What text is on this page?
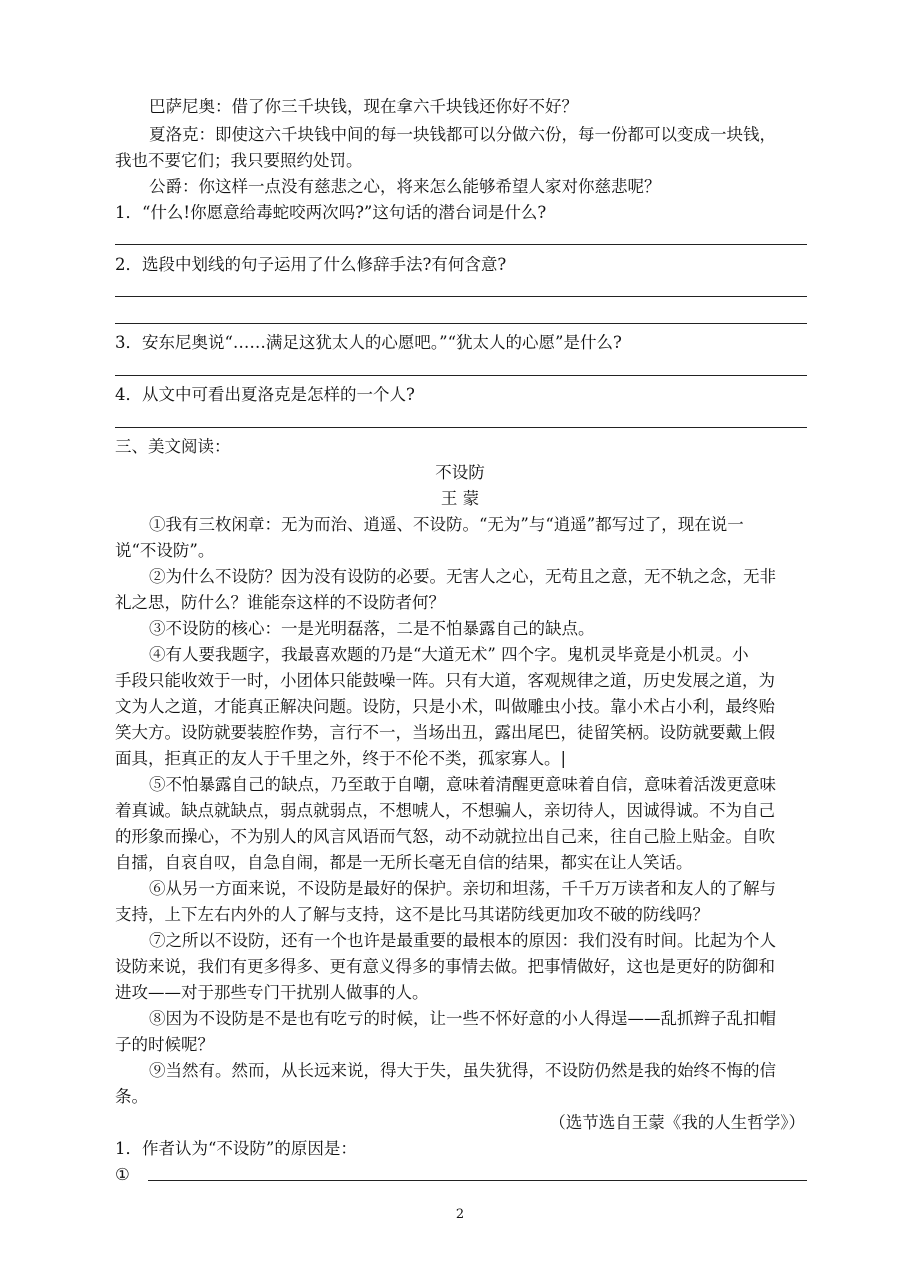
巴萨尼奥：借了你三千块钱，现在拿六千块钱还你好不好？
夏洛克：即使这六千块钱中间的每一块钱都可以分做六份，每一份都可以变成一块钱，
我也不要它们；我只要照约处罚。
公爵：你这样一点没有慈悲之心，将来怎么能够希望人家对你慈悲呢？
1．“什么!你愿意给毒蛇咬两次吗?”这句话的潜台词是什么?
2．选段中划线的句子运用了什么修辞手法?有何含意?
3．安东尼奥说“……满足这犹太人的心愿吧。”“犹太人的心愿”是什么?
4．从文中可看出夏洛克是怎样的一个人?
三、美文阅读：
不设防
王 蒙
①我有三枚闲章：无为而治、逍遥、不设防。“无为”与“逍遥”都写过了，现在说一
说“不设防”。
②为什么不设防？因为没有设防的必要。无害人之心，无苟且之意，无不轨之念，无非
礼之思，防什么？谁能奈这样的不设防者何？
③不设防的核心：一是光明磊落，二是不怕暴露自己的缺点。
④有人要我题字，我最喜欢题的乃是“大道无术” 四个字。鬼机灵毕竟是小机灵。小
手段只能收效于一时，小团体只能鼓噪一阵。只有大道，客观规律之道，历史发展之道，为
文为人之道，才能真正解决问题。设防，只是小术，叫做雕虫小技。靠小术占小利，最终贻
笑大方。设防就要装腔作势，言行不一，当场出丑，露出尾巴，徒留笑柄。设防就要戴上假
面具，拒真正的友人于千里之外，终于不伦不类，孤家寡人。|
⑤不怕暴露自己的缺点，乃至敢于自嘲，意味着清醒更意味着自信，意味着活泼更意味
着真诚。缺点就缺点，弱点就弱点，不想唬人，不想骗人，亲切待人，因诚得诚。不为自己
的形象而操心，不为别人的风言风语而气怒，动不动就拉出自己来，往自己脸上贴金。自吹
自擂，自哀自叹，自急自闹，都是一无所长毫无自信的结果，都实在让人笑话。
⑥从另一方面来说，不设防是最好的保护。亲切和坦荡，千千万万读者和友人的了解与
支持，上下左右内外的人了解与支持，这不是比马其诺防线更加攻不破的防线吗？
⑦之所以不设防，还有一个也许是最重要的最根本的原因：我们没有时间。比起为个人
设防来说，我们有更多得多、更有意义得多的事情去做。把事情做好，这也是更好的防御和
进攻——对于那些专门干扰别人做事的人。
⑧因为不设防是不是也有吃亏的时候，让一些不怀好意的小人得逞——乱抓辫子乱扣帽
子的时候呢？
⑨当然有。然而，从长远来说，得大于失，虽失犹得，不设防仍然是我的始终不悔的信
条。
（选节选自王蒙《我的人生哲学》）
1．作者认为“不设防”的原因是：
①
2
